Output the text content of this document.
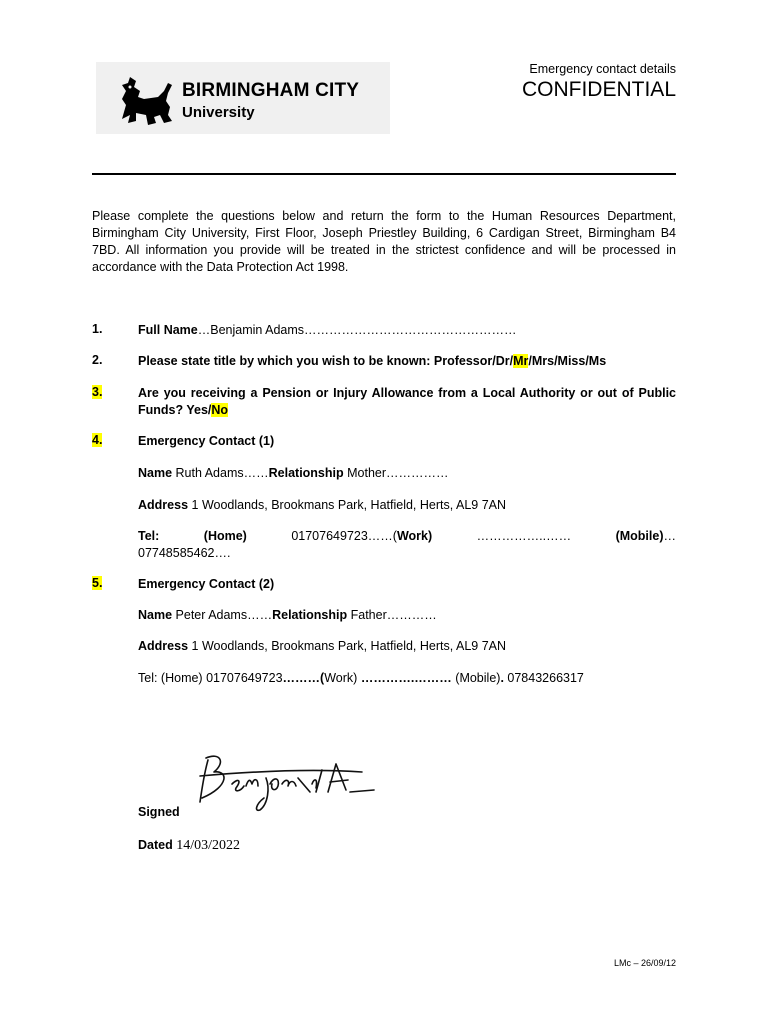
BIRMINGHAM CITY
University
Emergency contact details
CONFIDENTIAL
Please complete the questions below and return the form to the Human Resources Department, Birmingham City University, First Floor, Joseph Priestley Building, 6 Cardigan Street, Birmingham B4 7BD. All information you provide will be treated in the strictest confidence and will be processed in accordance with the Data Protection Act 1998.
1.	Full Name…Benjamin Adams……………………………………………
2.	Please state title by which you wish to be known: Professor/Dr/Mr/Mrs/Miss/Ms
3.	Are you receiving a Pension or Injury Allowance from a Local Authority or out of Public Funds? Yes/No
4.	Emergency Contact (1)
Name Ruth Adams……Relationship Mother……………
Address 1 Woodlands, Brookmans Park, Hatfield, Herts, AL9 7AN
Tel:	(Home)	01707649723……(Work)	……………..……	(Mobile)…
07748585462….
5.	Emergency Contact (2)
Name Peter Adams……Relationship Father…………
Address 1 Woodlands, Brookmans Park, Hatfield, Herts, AL9 7AN
Tel: (Home) 01707649723………(Work) ………….……… (Mobile). 07843266317
Signed
Dated 14/03/2022
LMc – 26/09/12
